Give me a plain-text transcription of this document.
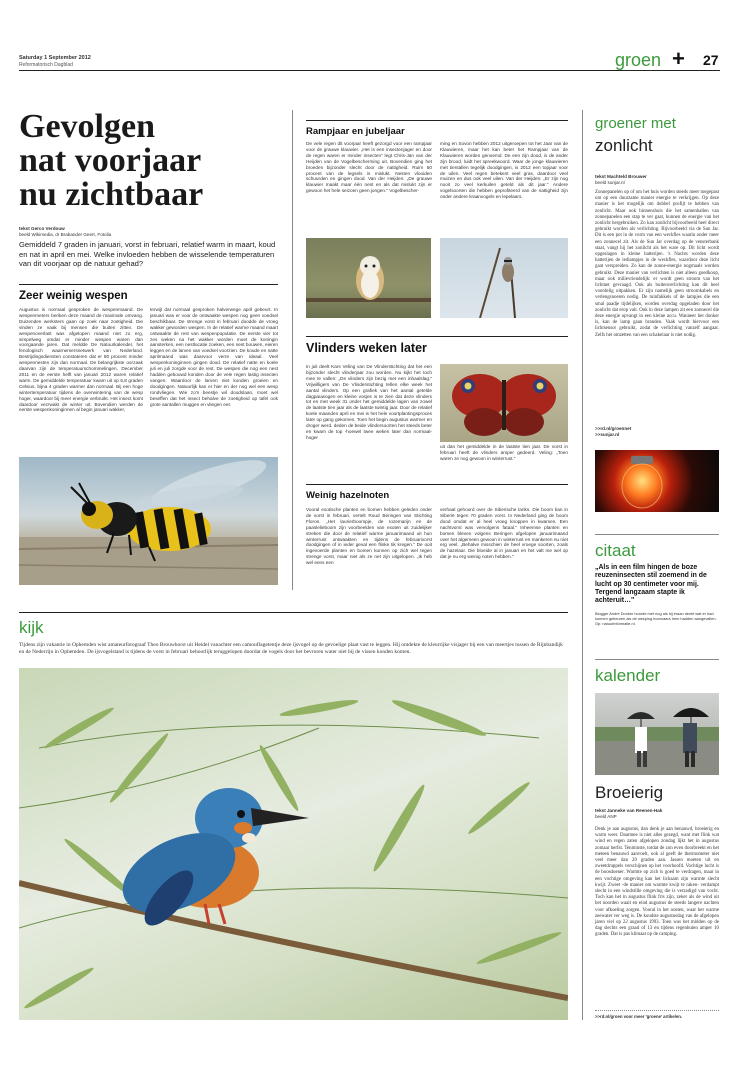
Saturday 1 September 2012
Reformatorisch Dagblad	groen + 27
Gevolgen
nat voorjaar
nu zichtbaar
tekst Gerco Verdouw
beeld Wikimedia, dr Brabander Geert, Fotolia
Gemiddeld 7 graden in januari, vorst in februari, relatief warm in maart, koud en nat in april en mei. Welke invloeden hebben de wisselende temperaturen van dit voorjaar op de natuur gehad?
Zeer weinig wespen
Augustus is normaal gesproken de wespenmaand. De wespenmeters beriken deze maand de maximale omvang. Duizenden werksters gaan op zoek naar zoetigheid. Die vinden ze vaak bij mensen die buiten zitten. De wespenoverlast was afgelopen maand niet zo erg, simpelweg omdat er minder wespen waren dan voorgaande jaren. Dat meldde De Natuurkalender, het fenologisch waarnemersnetwerk van Nederland. Bestrijdingsdiensten constateren dat er 80 procent minder wespennesten zijn dan normaal. De belangrijkste oorzaak daarvan zijn de temperatuurschommelingen. December 2011 en de eerste helft van januari 2012 waren relatief warm. De gemiddelde temperatuur kwam uit op 6,8 graden Celsius, bijna 4 graden warmer dan normaal. Bij een hoge wintertemperatuur tijdens de overwintering van de wesp hoger, waardoor bij meer energie verbruikt. Het insect komt daardoor verzwakt de winter uit. Bovendien werden de eerste wespenkoninginnen al begin januari wakker,
terwijl dat normaal gesproken halverwege april gebeurt. In januari was er voor de ontwaakte wespen nog geen voedsel beschikbaar. De strenge vorst in februari doodde de vroeg wakker geworden wespen. In de relatief warme maand maart ontwaakte de rest van wespenpopulatie. De eerste vier tot zes weken na het wakker worden moet de koningin aansterken, een nestlocatie zoeken, een nest bouwen, eieren leggen en de larven van voedsel voorzien. De koude en natte aprilmaand was daarvoor verre van ideaal. Veel wespenkoninginnen gingen dood. De relatief natte en koele juli en juli zorgde voor de rest. De wespen die nog een nest hadden gebouwd konden door de vele regen lastig insecten vangen. Waardoor de larven niet konden groeien en doodgingen. Natuurlijk kan er hier en der nog wel een wesp rondvliegen. Wie zo'n beestje wil doodslaan, moet wel beseffen dat het insect behalve de zoetigheid op tafel ook grote aantallen muggen en vliegen eet.
Rampjaar en jubeljaar
De vele regen dit voorjaar heeft gezorgd voor een rampjaar voor de grauwe klauwier. „Het is een insectenjager en door de regen waren er minder insecten" legt Chris-Jan van der Heijden van de Vogelbescherming uit. Bovendien ging het broeden bijzonder slecht door de nattigheid. Ruim 50 procent van de legsels is mislukt. Nesten vlooiden schuurden en gingen dood. Van der Heijden: „De grauwe klauwier maakt maar één nest en als dat mislukt zijn er gewoon het hele seizoen geen jongen." Vogelbescher-
ming en Sovon hebben 2012 uitgeroepen tot het Jaar van de Klauwieren, maar het kan beter het Rampjaar van de Klauwieren worden genoemd. De een zijn dood, is de ander zijn brood, luidt het spreekwoord. Waar de jonge klauwieren met tientallen tegelijk doodgingen, is 2012 een topjaar voor de uilen. Veel regen betekent veel gras, daardoor veel muizen en dus ook veel uilen. Van der Heijden: „Er zijn nog nooit zo veel kerkuilen geteld als dit jaar." Andere vogelsoorten die hebben geprofiteerd van de nattigheid zijn onder andere kraanvogels en lepelaars.
Vlinders weken later
In juli deelt Kars Veling van De Vlinderstichting dat het een bijzonder slecht vlinderjaar zou worden. Nu kijkt het toch mee te vallen: „De vlinders zijn bezig met een inhaalslag." Vrijwilligers van De Vlinderstichting tellen elke week het aantal vlinders. Op een grafiek van het aantal getelde dagpauwogen en kleine vosjes is te zien dat deze vlinders tot en met week 31 onder het gemiddelde lagen van zowel de laatste tien jaar als de laatste twintig jaar. Door de relatief koele maanden april en mei is het hele voortplantingsproces later op gang gekomen. Toen het begin augustus warmer en droger werd, deden de beide vlindersoorten het steeds beter en kwam de top -hoewel twee weken later dan normaal- hoger
uit dan het gemiddelde in de laatste tien jaar. De vorst in februari heeft de vlinders amper gedeerd. Veling: „Toen waren ze nog gewoon in winterrust."
Weinig hazelnoten
Vooral exotische planten en bomen hebben geleden onder de vorst in februari, vertelt Ruud Beringen van Stichting Floron. „Het laurierboompje, de rozemarijn en de paaslelieboom zijn voorbeelden van exoten uit zuidelijker streken die door de relatief warme januarimaand uit hun winterrust ontwaakten en tijdens de februarivorst doodgingen of in ieder geval een flinke tik kregen." De ooit ingevoerde planten en bomen kunnen op zich wel tegen strenge vorst, maar niet als ze net zijn uitgelopen. „Ik heb wel eens een
verhaal gehoord over de Siberische lariks. Die boom kan in Siberië tegen 70 graden vorst. In Nederland ging de boom dood omdat er al heel vroeg knoppen in kwamen. Een nachtvorst was vervolgens fataal." Inheemse planten en bomen bleven volgens Beringen afgelopen januarimaand over het algemeen gewoon in winterrust en mankeren nu niet erg veel. „Behalve misschien de heel vroege soorten, zoals de hazelaar. Die bloeide al in januari en het valt me wel op dat je nu erg weinig noten hebben."
kijk
Tijdens zijn vakantie in Ophemden wist amateurfotograaf Theo Brouwhorst uit Heidel vanachter een camouflagetentje deze ijsvogel op de gevoelige plaat vast te leggen. Hij ontdekte de kleurrijke visjager bij een van meertjes tussen de Rijnbandijk en de Nederrijn in Ophemden. De ijsvogelstand is tijdens de vorst in februari behoorlijk teruggelopen doordat de vogels door het bevroren water niet bij de vissen konden komen.
groener met
zonlicht
tekst Machteld Brouwer
beeld sunjar.nl
Zonnepanelen op of om het huis worden steeds meer toegepast om op een duurzame manier energie te verkrijgen. Op deze manier is het mogelijk om dubbel profijt te hebben van zonlicht. Maar ook binnenshuis die het samenhallen van zonnepanelen een stap te ver gaat, kunnen de energie van het zonlicht hergebruiken. Zo kan zonlicht bijvoorbeeld heel direct gebruikt worden als verlichting. Bijvoorbeeld via de Sun Jar. Dit is een pot in de vorm van een weckfles waarin onder meer een zonnecel zit. Als de Sun Jar overdag op de vensterbank staat, vangt hij het zonlicht als het ware op. Dit licht wordt opgeslagen in kleine batterijen. 's Nachts worden deze batterijen de ledlampjes in de weckfles, waardoor deze licht gaat verspreiden. Zo kan de zonne-energie nogmaals worden gebruikt. Deze manier van verlichten is niet alleen goedkoop, maar ook milievriendelijk: er wordt geen stroom van het lichtnet gevraagd. Ook als buitenverlichting kan dit heel voordelig uitpakken. Er zijn namelijk geen stroomkabels en verlengsnoeren nodig. De tuinfakkels of de lampjes die een smal paadje tijdelijken, worden overdag opgeladen door het zonlicht dat erop valt. Ook in deze lampen zit een zonnecel die deze energie opvangt in een kleine accu. Wanneer het donker is, kan de lamp gaan branden. Vaak wordt hiervoor een lichtsensor gebruikt, zodat de verlichting vanzelf aangaat. Zelfs het omzetten van een schakelaar is niet nodig.
>>rd.nl/groennet
>>sunjar.nl
citaat
„Als in een film hingen de boze reuzeninsecten stil zoemend in de lucht op 30 centimeter voor mij. Tergend langzaam stapte ik achteruit…"
Blogger André Donker hoorde met nog als hij eraan denkt wat er had kunnen gebeuren als de wesping hoornaars hem hadden aangevallen. Op: natuurinformatie.nl.
kalender
Broeierig
tekst Janneke van Reenen-Hak
beeld ANP
Denk je aan augustus, dan denk je aan benauwd, broeierig en warm weer. Daarmee is niet alles gezegd, want met flink wat wind en regen zaten afgelopen zondag lijkt het in augustus zomaar herfst. Tenminste, totdat de zon even doorbreekt en het meteen benauwd aanvoelt, ook al geeft de thermometer niet veel meer dan 20 graden aan. Jassen moeten uit en zweetdruppels verschijnen op het voorhoofd. Vochtige lucht is de boosdoener. Warmte op zich is goed te verdragen, maar in een vochtige omgeving kan het lichaam zijn warmte slecht kwijt. Zweet -de manier om warmte kwijt te raken- verdampt slecht in een windstille omgeving die is verzadigd van vocht. Toch kan het in augustus flink fris zijn, zeker als de wind uit het noorden waait en eind augustus de steeds langere nachten voor afkoeling zorgen. Vooral in het oosten, waar het warme zeewater ver weg is. De koudste augustusdag van de afgelopen jaren viel op 22 augustus 1993. Toen was het midden op de dag slechts een graad of 13 en tijdens regenbuien amper 10 graden. Dat is pas klimaat op de camping.
>>rd.nl/groen voor meer 'groene' artikelen.
